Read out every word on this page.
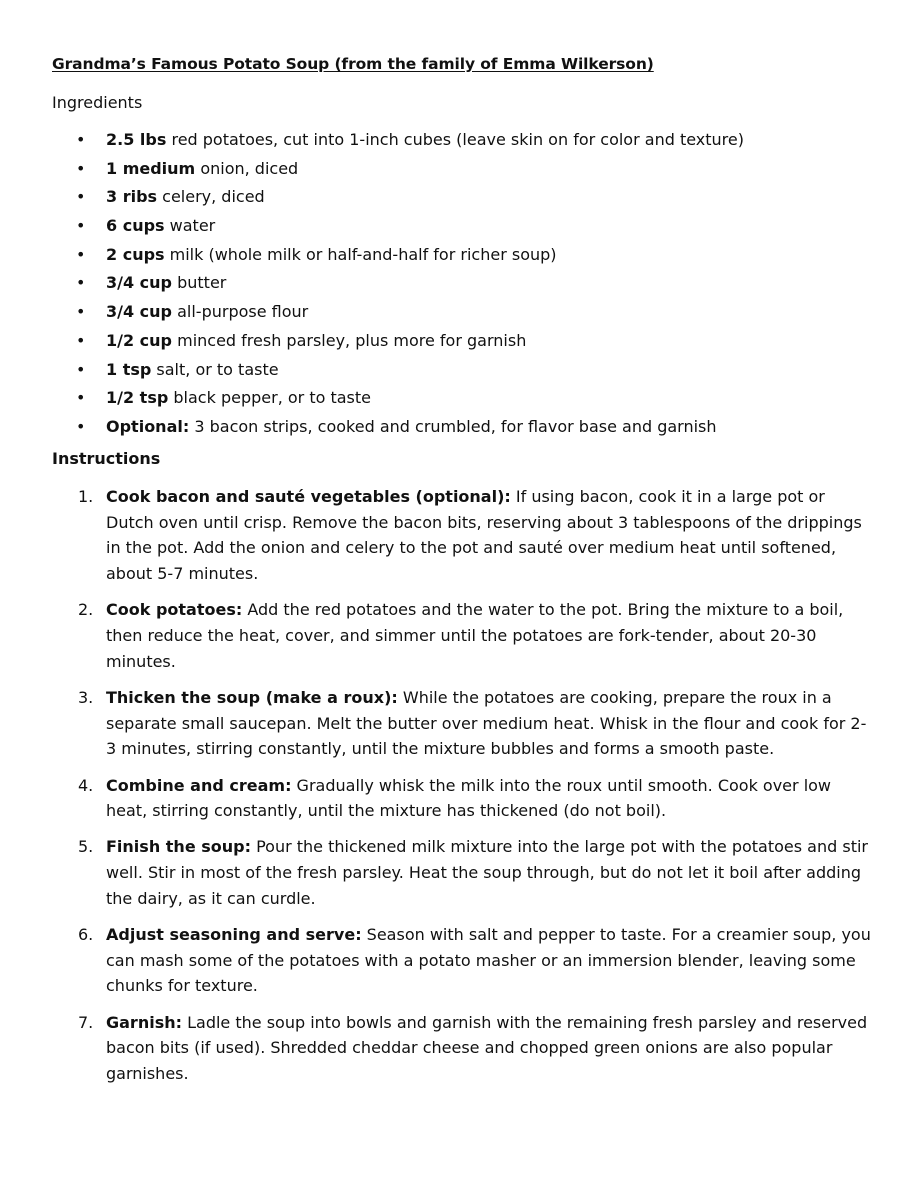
Grandma’s Famous Potato Soup (from the family of Emma Wilkerson)
Ingredients
• 2.5 lbs red potatoes, cut into 1-inch cubes (leave skin on for color and texture)
• 1 medium onion, diced
• 3 ribs celery, diced
• 6 cups water
• 2 cups milk (whole milk or half-and-half for richer soup)
• 3/4 cup butter
• 3/4 cup all-purpose flour
• 1/2 cup minced fresh parsley, plus more for garnish
• 1 tsp salt, or to taste
• 1/2 tsp black pepper, or to taste
• Optional: 3 bacon strips, cooked and crumbled, for flavor base and garnish
Instructions
1. Cook bacon and sauté vegetables (optional): If using bacon, cook it in a large pot or Dutch oven until crisp. Remove the bacon bits, reserving about 3 tablespoons of the drippings in the pot. Add the onion and celery to the pot and sauté over medium heat until softened, about 5-7 minutes.
2. Cook potatoes: Add the red potatoes and the water to the pot. Bring the mixture to a boil, then reduce the heat, cover, and simmer until the potatoes are fork-tender, about 20-30 minutes.
3. Thicken the soup (make a roux): While the potatoes are cooking, prepare the roux in a separate small saucepan. Melt the butter over medium heat. Whisk in the flour and cook for 2-3 minutes, stirring constantly, until the mixture bubbles and forms a smooth paste.
4. Combine and cream: Gradually whisk the milk into the roux until smooth. Cook over low heat, stirring constantly, until the mixture has thickened (do not boil).
5. Finish the soup: Pour the thickened milk mixture into the large pot with the potatoes and stir well. Stir in most of the fresh parsley. Heat the soup through, but do not let it boil after adding the dairy, as it can curdle.
6. Adjust seasoning and serve: Season with salt and pepper to taste. For a creamier soup, you can mash some of the potatoes with a potato masher or an immersion blender, leaving some chunks for texture.
7. Garnish: Ladle the soup into bowls and garnish with the remaining fresh parsley and reserved bacon bits (if used). Shredded cheddar cheese and chopped green onions are also popular garnishes.
